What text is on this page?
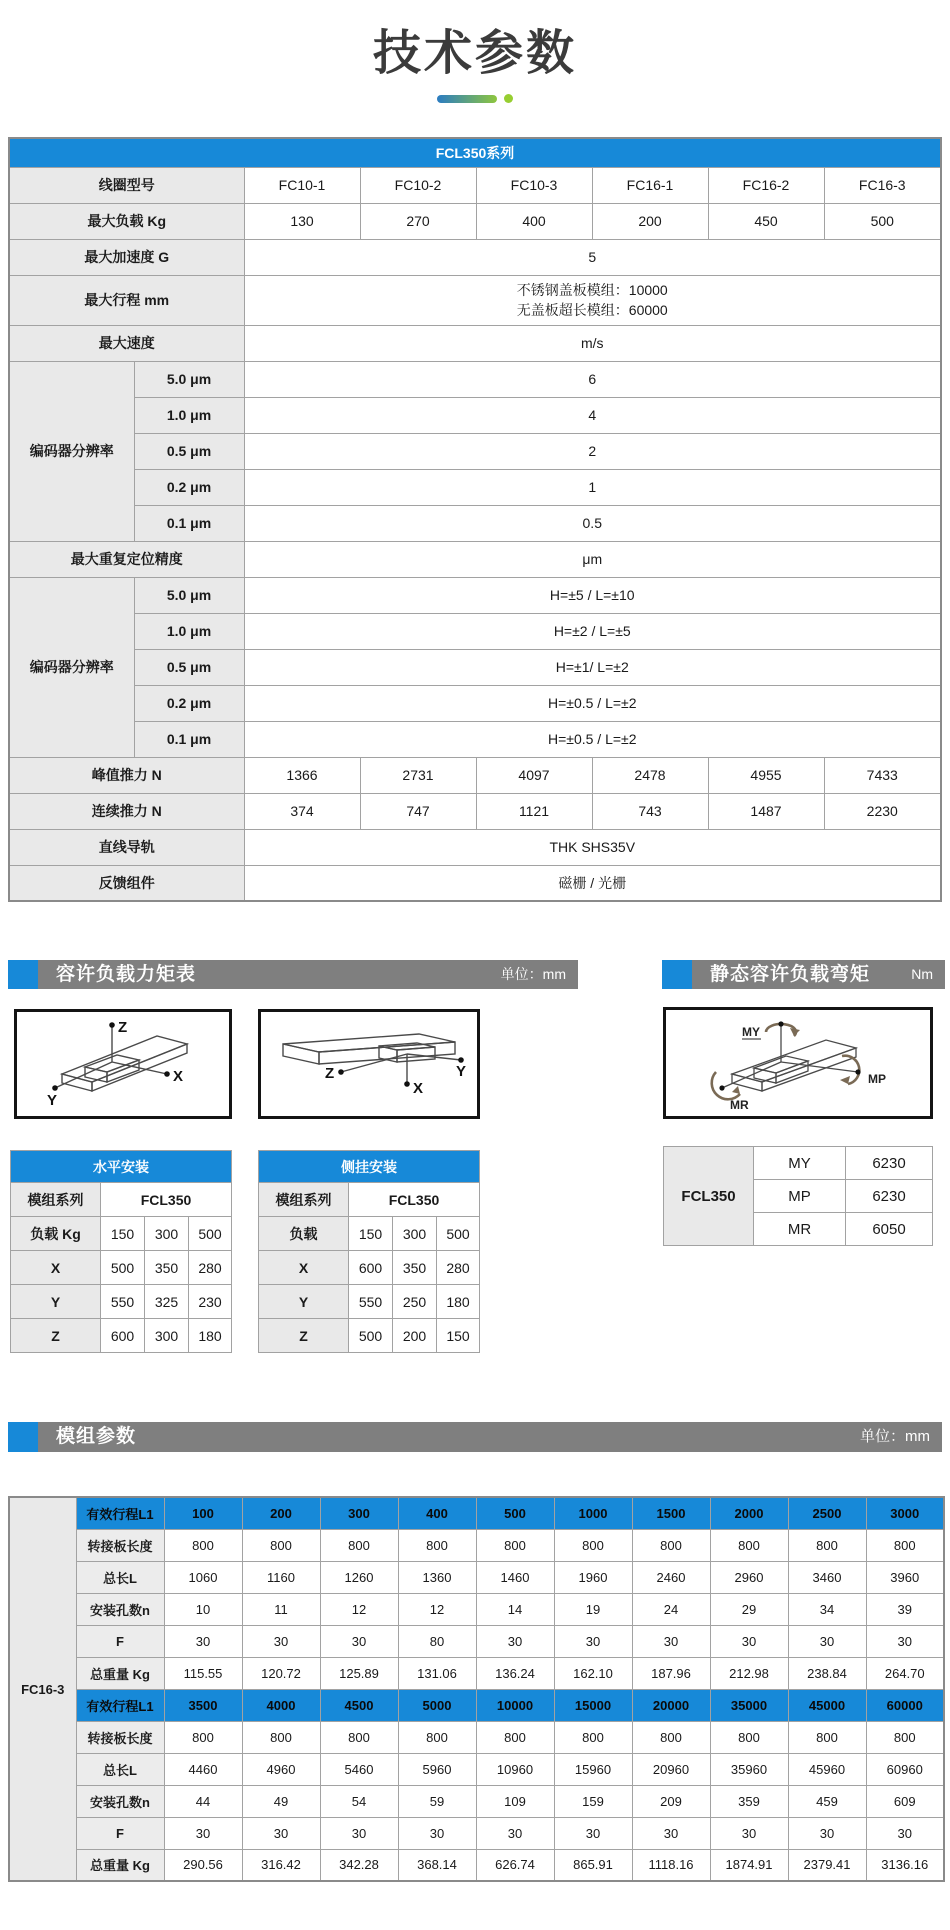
技术参数
FCL350系列							
线圈型号		FC10-1	FC10-2	FC10-3	FC16-1	FC16-2	FC16-3
最大负载 Kg		130	270	400	200	450	500
最大加速度 G		5					
最大行程 mm		不锈钢盖板模组：10000
无盖板超长模组：60000					

最大速度		m/s					
编码器分辨率	5.0 μm	6					
	1.0 μm	4					
	0.5 μm	2					
	0.2 μm	1					
	0.1 μm	0.5					
最大重复定位精度		μm					
编码器分辨率	5.0 μm	H=±5 / L=±10					
	1.0 μm	H=±2 / L=±5					
	0.5 μm	H=±1/ L=±2					
	0.2 μm	H=±0.5 / L=±2					
	0.1 μm	H=±0.5 / L=±2					
峰值推力 N		1366	2731	4097	2478	4955	7433
连续推力 N		374	747	1121	743	1487	2230
直线导轨		THK SHS35V					
反馈组件		磁栅 / 光栅					
容许负载力矩表	单位：mm	静态容许负载弯矩	Nm
Z
X
Y
Z
X
Y
MY
MP
MR
水平安装			
模组系列	FCL350		
负载 Kg	150	300	500
X	500	350	280
Y	550	325	230
Z	600	300	180
侧挂安装			
模组系列	FCL350		
负载	150	300	500
X	600	350	280
Y	550	250	180
Z	500	200	150
FCL350	MY	6230
	MP	6230
	MR	6050
模组参数	单位：mm
FC16-3	有效行程L1	100	200	300	400	500	1000	1500	2000	2500	3000
	转接板长度	800	800	800	800	800	800	800	800	800	800
	总长L	1060	1160	1260	1360	1460	1960	2460	2960	3460	3960
	安装孔数n	10	11	12	12	14	19	24	29	34	39
	F	30	30	30	80	30	30	30	30	30	30
	总重量 Kg	115.55	120.72	125.89	131.06	136.24	162.10	187.96	212.98	238.84	264.70
	有效行程L1	3500	4000	4500	5000	10000	15000	20000	35000	45000	60000
	转接板长度	800	800	800	800	800	800	800	800	800	800
	总长L	4460	4960	5460	5960	10960	15960	20960	35960	45960	60960
	安装孔数n	44	49	54	59	109	159	209	359	459	609
	F	30	30	30	30	30	30	30	30	30	30
	总重量 Kg	290.56	316.42	342.28	368.14	626.74	865.91	1118.16	1874.91	2379.41	3136.16
